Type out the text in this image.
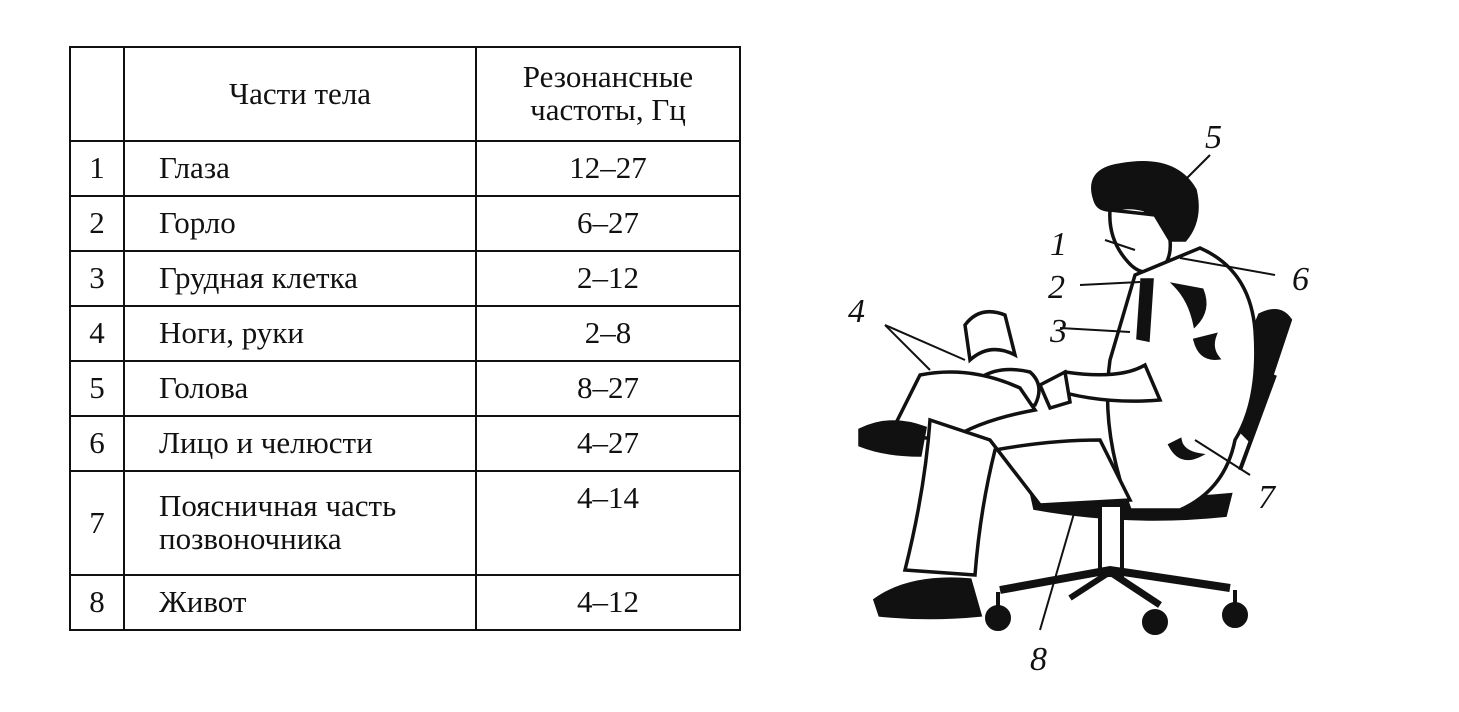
	Части тела	Резонансные
частоты, Гц
1	Глаза	12–27
2	Горло	6–27
3	Грудная клетка	2–12
4	Ноги, руки	2–8
5	Голова	8–27
6	Лицо и челюсти	4–27
7	Поясничная часть
позвоночника	4–14
8	Живот	4–12
1
2
3
4
5
6
7
8
